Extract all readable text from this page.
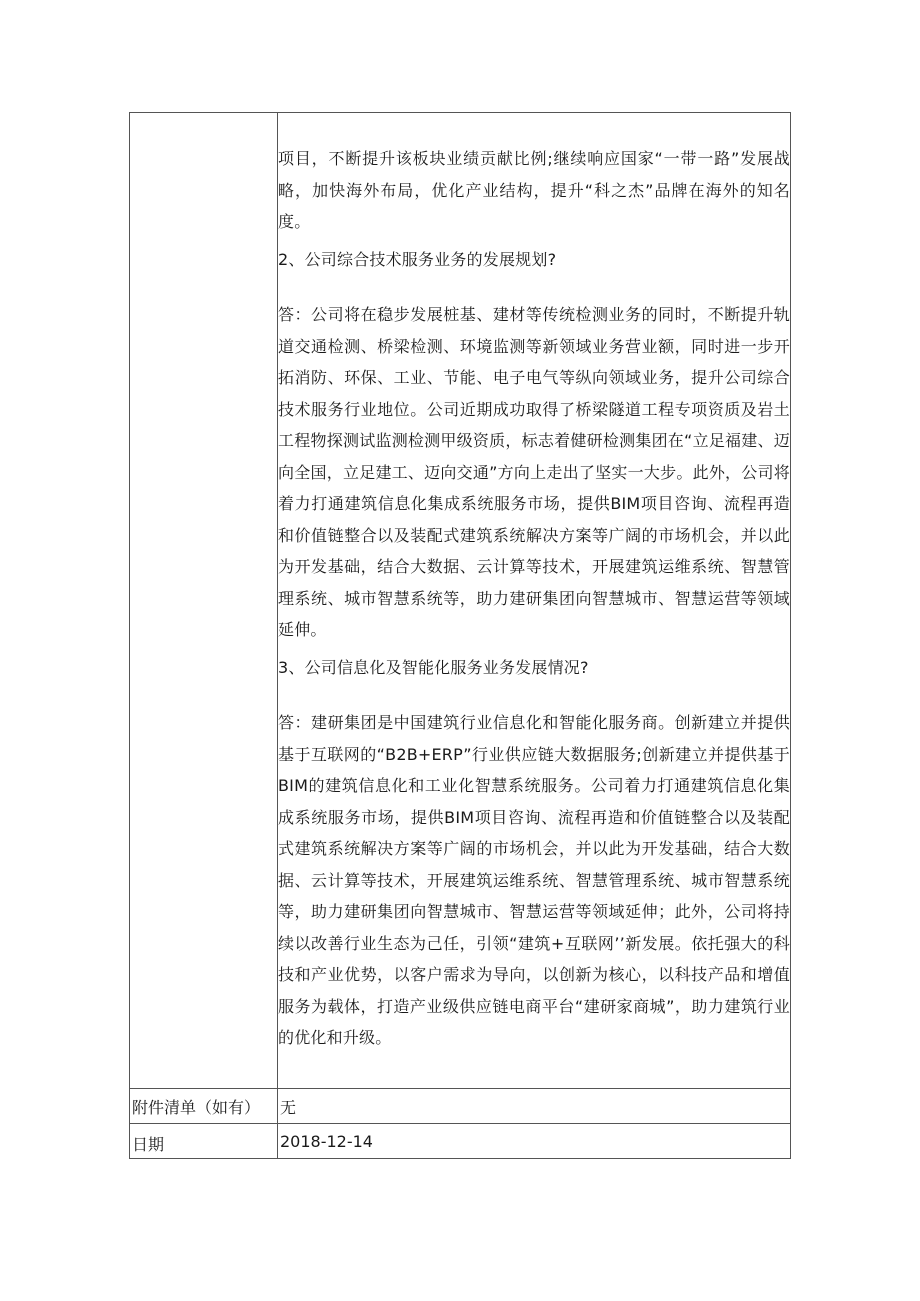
	项目，不断提升该板块业绩贡献比例;继续响应国家“一带一路”发展战略，加快海外布局，优化产业结构，提升“科之杰”品牌在海外的知名度。

2、公司综合技术服务业务的发展规划?

答：公司将在稳步发展桩基、建材等传统检测业务的同时，不断提升轨道交通检测、桥梁检测、环境监测等新领域业务营业额，同时进一步开拓消防、环保、工业、节能、电子电气等纵向领域业务，提升公司综合技术服务行业地位。公司近期成功取得了桥梁隧道工程专项资质及岩土工程物探测试监测检测甲级资质，标志着健研检测集团在“立足福建、迈向全国，立足建工、迈向交通”方向上走出了坚实一大步。此外，公司将着力打通建筑信息化集成系统服务市场，提供BIM项目咨询、流程再造和价值链整合以及装配式建筑系统解决方案等广阔的市场机会，并以此为开发基础，结合大数据、云计算等技术，开展建筑运维系统、智慧管理系统、城市智慧系统等，助力建研集团向智慧城市、智慧运营等领域延伸。

3、公司信息化及智能化服务业务发展情况?

答：建研集团是中国建筑行业信息化和智能化服务商。创新建立并提供基于互联网的“B2B+ERP”行业供应链大数据服务;创新建立并提供基于BIM的建筑信息化和工业化智慧系统服务。公司着力打通建筑信息化集成系统服务市场，提供BIM项目咨询、流程再造和价值链整合以及装配式建筑系统解决方案等广阔的市场机会，并以此为开发基础，结合大数据、云计算等技术，开展建筑运维系统、智慧管理系统、城市智慧系统等，助力建研集团向智慧城市、智慧运营等领域延伸；此外，公司将持续以改善行业生态为己任，引领“建筑+互联网’’新发展。依托强大的科技和产业优势，以客户需求为导向，以创新为核心，以科技产品和增值服务为载体，打造产业级供应链电商平台“建研家商城”，助力建筑行业的优化和升级。

附件清单（如有）	无

日期	2018-12-14
